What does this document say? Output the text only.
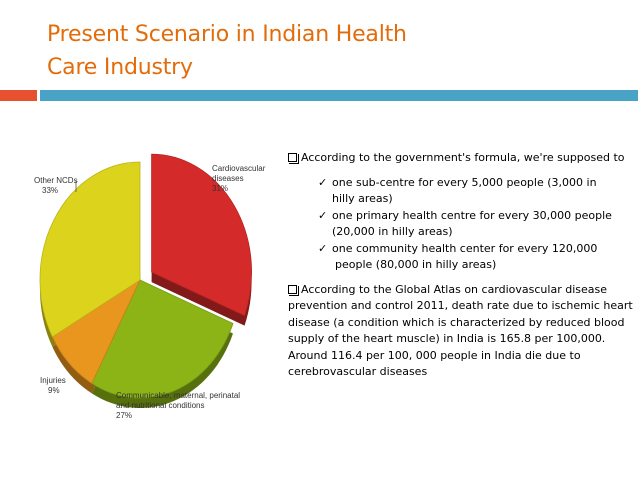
Present Scenario in Indian Health
Care Industry
Other NCDs
33%
Cardiovascular
diseases
31%
Injuries
9%
Communicable, maternal, perinatal
and nutritional conditions
27%
According to the government's formula, we're supposed to
✓ one sub-centre for every 5,000 people (3,000 in
hilly areas)
✓ one primary health centre for every 30,000 people
(20,000 in hilly areas)
✓ one community health center for every 120,000
people (80,000 in hilly areas)
According to the Global Atlas on cardiovascular disease prevention and control 2011, death rate due to ischemic heart disease (a condition which is characterized by reduced blood supply of the heart muscle) in India is 165.8 per 100,000. Around 116.4 per 100, 000 people in India die due to cerebrovascular diseases
